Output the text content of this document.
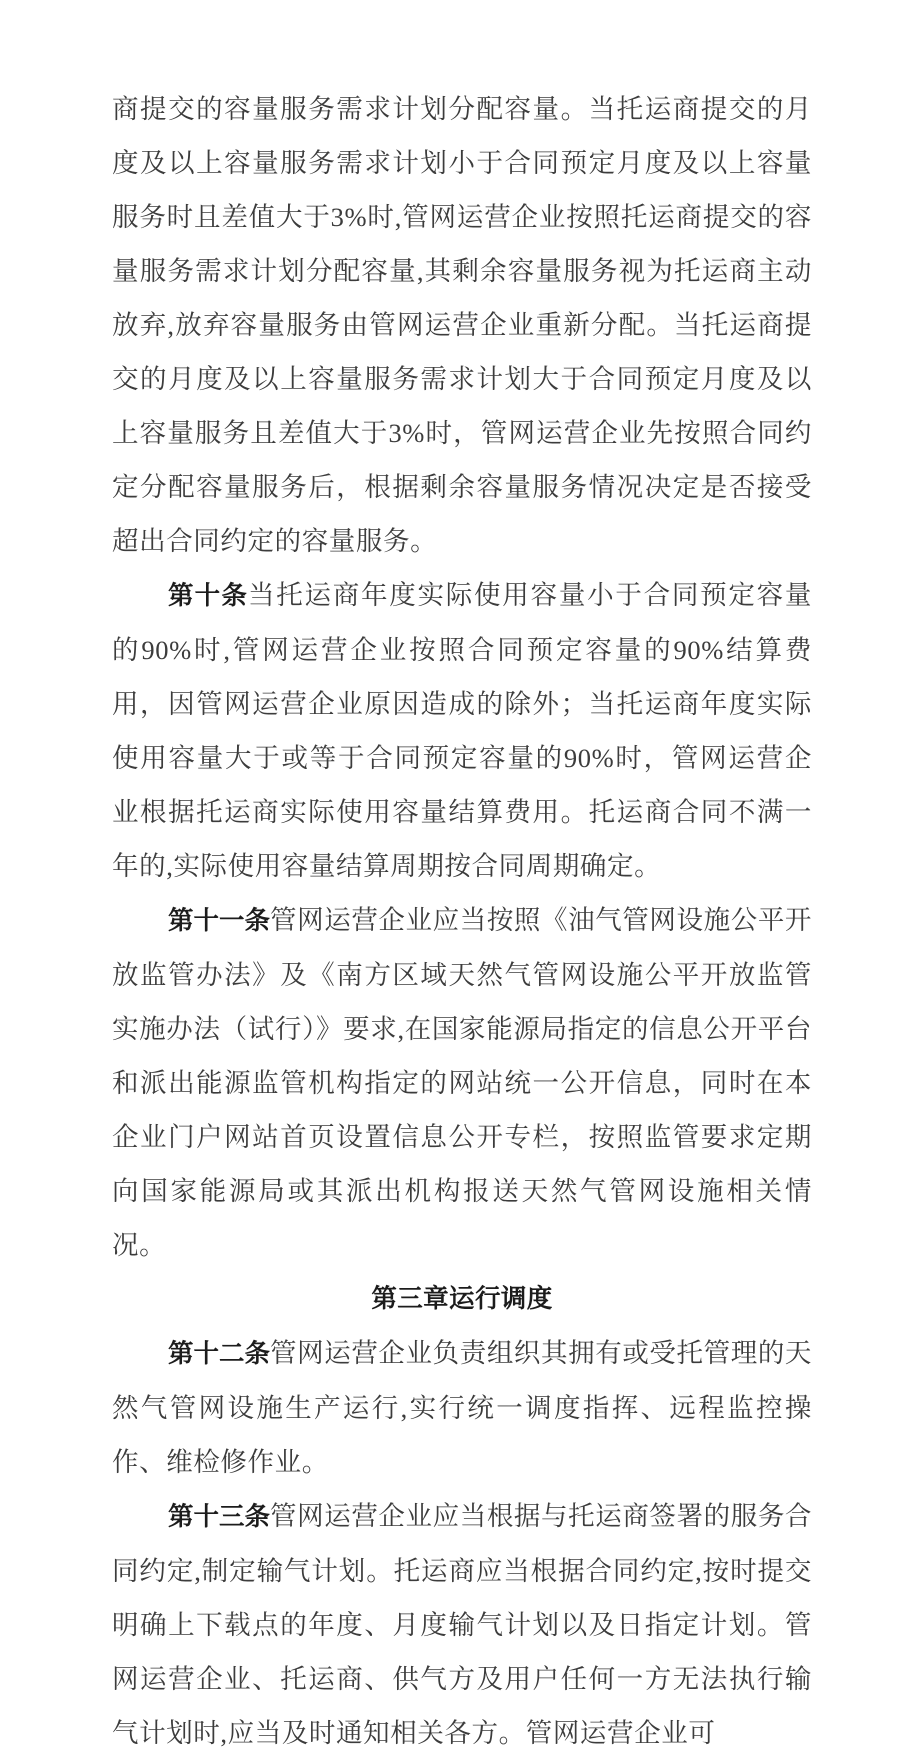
商提交的容量服务需求计划分配容量。当托运商提交的月度及以上容量服务需求计划小于合同预定月度及以上容量服务时且差值大于3%时,管网运营企业按照托运商提交的容量服务需求计划分配容量,其剩余容量服务视为托运商主动放弃,放弃容量服务由管网运营企业重新分配。当托运商提交的月度及以上容量服务需求计划大于合同预定月度及以上容量服务且差值大于3%时，管网运营企业先按照合同约定分配容量服务后，根据剩余容量服务情况决定是否接受超出合同约定的容量服务。

第十条当托运商年度实际使用容量小于合同预定容量的90%时,管网运营企业按照合同预定容量的90%结算费用，因管网运营企业原因造成的除外；当托运商年度实际使用容量大于或等于合同预定容量的90%时，管网运营企业根据托运商实际使用容量结算费用。托运商合同不满一年的,实际使用容量结算周期按合同周期确定。

第十一条管网运营企业应当按照《油气管网设施公平开放监管办法》及《南方区域天然气管网设施公平开放监管实施办法（试行）》要求,在国家能源局指定的信息公开平台和派出能源监管机构指定的网站统一公开信息，同时在本企业门户网站首页设置信息公开专栏，按照监管要求定期向国家能源局或其派出机构报送天然气管网设施相关情况。

第三章运行调度

第十二条管网运营企业负责组织其拥有或受托管理的天然气管网设施生产运行,实行统一调度指挥、远程监控操作、维检修作业。

第十三条管网运营企业应当根据与托运商签署的服务合同约定,制定输气计划。托运商应当根据合同约定,按时提交明确上下载点的年度、月度输气计划以及日指定计划。管网运营企业、托运商、供气方及用户任何一方无法执行输气计划时,应当及时通知相关各方。管网运营企业可
